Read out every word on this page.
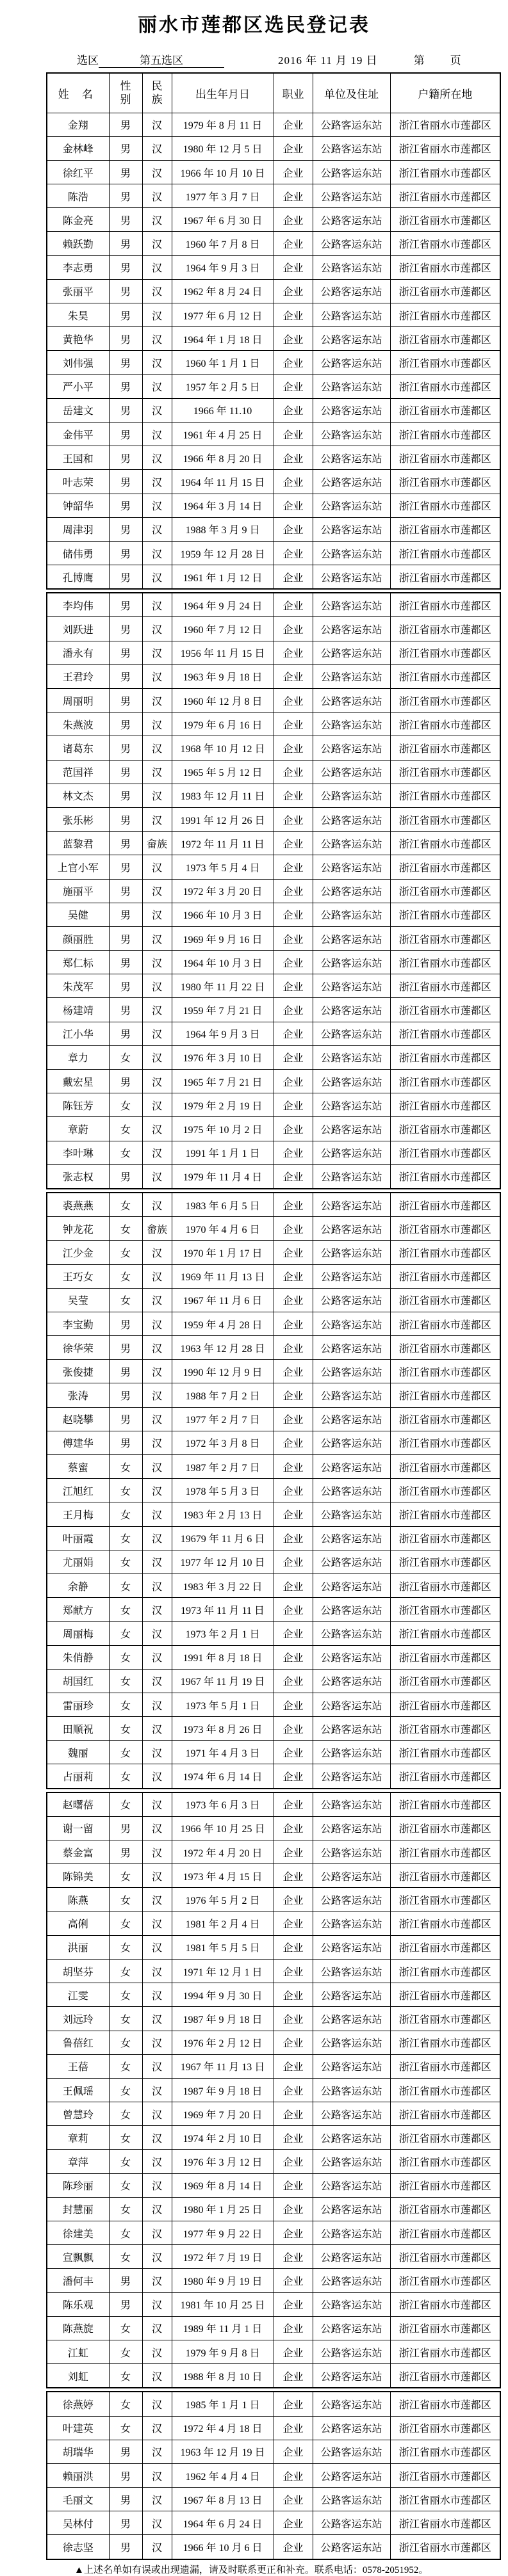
丽水市莲都区选民登记表
选区	第五选区	2016 年 11 月 19 日	第 页
姓 名	性别	民族	出生年月日	职业	单位及住址	户籍所在地
金翔	男	汉	1979 年 8 月 11 日	企业	公路客运东站	浙江省丽水市莲都区
金林峰	男	汉	1980 年 12 月 5 日	企业	公路客运东站	浙江省丽水市莲都区
徐红平	男	汉	1966 年 10 月 10 日	企业	公路客运东站	浙江省丽水市莲都区
陈浩	男	汉	1977 年 3 月 7 日	企业	公路客运东站	浙江省丽水市莲都区
陈金亮	男	汉	1967 年 6 月 30 日	企业	公路客运东站	浙江省丽水市莲都区
赖跃勤	男	汉	1960 年 7 月 8 日	企业	公路客运东站	浙江省丽水市莲都区
李志勇	男	汉	1964 年 9 月 3 日	企业	公路客运东站	浙江省丽水市莲都区
张丽平	男	汉	1962 年 8 月 24 日	企业	公路客运东站	浙江省丽水市莲都区
朱昊	男	汉	1977 年 6 月 12 日	企业	公路客运东站	浙江省丽水市莲都区
黄艳华	男	汉	1964 年 1 月 18 日	企业	公路客运东站	浙江省丽水市莲都区
刘伟强	男	汉	1960 年 1 月 1 日	企业	公路客运东站	浙江省丽水市莲都区
严小平	男	汉	1957 年 2 月 5 日	企业	公路客运东站	浙江省丽水市莲都区
岳建文	男	汉	1966 年 11.10	企业	公路客运东站	浙江省丽水市莲都区
金伟平	男	汉	1961 年 4 月 25 日	企业	公路客运东站	浙江省丽水市莲都区
王国和	男	汉	1966 年 8 月 20 日	企业	公路客运东站	浙江省丽水市莲都区
叶志荣	男	汉	1964 年 11 月 15 日	企业	公路客运东站	浙江省丽水市莲都区
钟韶华	男	汉	1964 年 3 月 14 日	企业	公路客运东站	浙江省丽水市莲都区
周津羽	男	汉	1988 年 3 月 9 日	企业	公路客运东站	浙江省丽水市莲都区
储伟勇	男	汉	1959 年 12 月 28 日	企业	公路客运东站	浙江省丽水市莲都区
孔博鹰	男	汉	1961 年 1 月 12 日	企业	公路客运东站	浙江省丽水市莲都区
李均伟	男	汉	1964 年 9 月 24 日	企业	公路客运东站	浙江省丽水市莲都区
刘跃进	男	汉	1960 年 7 月 12 日	企业	公路客运东站	浙江省丽水市莲都区
潘永有	男	汉	1956 年 11 月 15 日	企业	公路客运东站	浙江省丽水市莲都区
王君玲	男	汉	1963 年 9 月 18 日	企业	公路客运东站	浙江省丽水市莲都区
周丽明	男	汉	1960 年 12 月 8 日	企业	公路客运东站	浙江省丽水市莲都区
朱燕波	男	汉	1979 年 6 月 16 日	企业	公路客运东站	浙江省丽水市莲都区
诸葛东	男	汉	1968 年 10 月 12 日	企业	公路客运东站	浙江省丽水市莲都区
范国祥	男	汉	1965 年 5 月 12 日	企业	公路客运东站	浙江省丽水市莲都区
林文杰	男	汉	1983 年 12 月 11 日	企业	公路客运东站	浙江省丽水市莲都区
张乐彬	男	汉	1991 年 12 月 26 日	企业	公路客运东站	浙江省丽水市莲都区
蓝黎君	男	畲族	1972 年 11 月 11 日	企业	公路客运东站	浙江省丽水市莲都区
上官小军	男	汉	1973 年 5 月 4 日	企业	公路客运东站	浙江省丽水市莲都区
施丽平	男	汉	1972 年 3 月 20 日	企业	公路客运东站	浙江省丽水市莲都区
吴健	男	汉	1966 年 10 月 3 日	企业	公路客运东站	浙江省丽水市莲都区
颜丽胜	男	汉	1969 年 9 月 16 日	企业	公路客运东站	浙江省丽水市莲都区
郑仁标	男	汉	1964 年 10 月 3 日	企业	公路客运东站	浙江省丽水市莲都区
朱茂军	男	汉	1980 年 11 月 22 日	企业	公路客运东站	浙江省丽水市莲都区
杨建靖	男	汉	1959 年 7 月 21 日	企业	公路客运东站	浙江省丽水市莲都区
江小华	男	汉	1964 年 9 月 3 日	企业	公路客运东站	浙江省丽水市莲都区
章力	女	汉	1976 年 3 月 10 日	企业	公路客运东站	浙江省丽水市莲都区
戴宏星	男	汉	1965 年 7 月 21 日	企业	公路客运东站	浙江省丽水市莲都区
陈钰芳	女	汉	1979 年 2 月 19 日	企业	公路客运东站	浙江省丽水市莲都区
章蔚	女	汉	1975 年 10 月 2 日	企业	公路客运东站	浙江省丽水市莲都区
李叶琳	女	汉	1991 年 1 月 1 日	企业	公路客运东站	浙江省丽水市莲都区
张志权	男	汉	1979 年 11 月 4 日	企业	公路客运东站	浙江省丽水市莲都区
裘燕燕	女	汉	1983 年 6 月 5 日	企业	公路客运东站	浙江省丽水市莲都区
钟龙花	女	畲族	1970 年 4 月 6 日	企业	公路客运东站	浙江省丽水市莲都区
江少金	女	汉	1970 年 1 月 17 日	企业	公路客运东站	浙江省丽水市莲都区
王巧女	女	汉	1969 年 11 月 13 日	企业	公路客运东站	浙江省丽水市莲都区
吴莹	女	汉	1967 年 11 月 6 日	企业	公路客运东站	浙江省丽水市莲都区
李宝勤	男	汉	1959 年 4 月 28 日	企业	公路客运东站	浙江省丽水市莲都区
徐华荣	男	汉	1963 年 12 月 28 日	企业	公路客运东站	浙江省丽水市莲都区
张俊捷	男	汉	1990 年 12 月 9 日	企业	公路客运东站	浙江省丽水市莲都区
张涛	男	汉	1988 年 7 月 2 日	企业	公路客运东站	浙江省丽水市莲都区
赵晓攀	男	汉	1977 年 2 月 7 日	企业	公路客运东站	浙江省丽水市莲都区
傅建华	男	汉	1972 年 3 月 8 日	企业	公路客运东站	浙江省丽水市莲都区
蔡蜜	女	汉	1987 年 2 月 7 日	企业	公路客运东站	浙江省丽水市莲都区
江旭红	女	汉	1978 年 5 月 3 日	企业	公路客运东站	浙江省丽水市莲都区
王月梅	女	汉	1983 年 2 月 13 日	企业	公路客运东站	浙江省丽水市莲都区
叶丽霞	女	汉	19679 年 11 月 6 日	企业	公路客运东站	浙江省丽水市莲都区
尤丽娟	女	汉	1977 年 12 月 10 日	企业	公路客运东站	浙江省丽水市莲都区
余静	女	汉	1983 年 3 月 22 日	企业	公路客运东站	浙江省丽水市莲都区
郑献方	女	汉	1973 年 11 月 11 日	企业	公路客运东站	浙江省丽水市莲都区
周丽梅	女	汉	1973 年 2 月 1 日	企业	公路客运东站	浙江省丽水市莲都区
朱俏静	女	汉	1991 年 8 月 18 日	企业	公路客运东站	浙江省丽水市莲都区
胡国红	女	汉	1967 年 11 月 19 日	企业	公路客运东站	浙江省丽水市莲都区
雷丽珍	女	汉	1973 年 5 月 1 日	企业	公路客运东站	浙江省丽水市莲都区
田顺祝	女	汉	1973 年 8 月 26 日	企业	公路客运东站	浙江省丽水市莲都区
魏丽	女	汉	1971 年 4 月 3 日	企业	公路客运东站	浙江省丽水市莲都区
占丽莉	女	汉	1974 年 6 月 14 日	企业	公路客运东站	浙江省丽水市莲都区
赵曙蓓	女	汉	1973 年 6 月 3 日	企业	公路客运东站	浙江省丽水市莲都区
谢一留	男	汉	1966 年 10 月 25 日	企业	公路客运东站	浙江省丽水市莲都区
蔡金富	男	汉	1972 年 4 月 20 日	企业	公路客运东站	浙江省丽水市莲都区
陈锦美	女	汉	1973 年 4 月 15 日	企业	公路客运东站	浙江省丽水市莲都区
陈燕	女	汉	1976 年 5 月 2 日	企业	公路客运东站	浙江省丽水市莲都区
高俐	女	汉	1981 年 2 月 4 日	企业	公路客运东站	浙江省丽水市莲都区
洪丽	女	汉	1981 年 5 月 5 日	企业	公路客运东站	浙江省丽水市莲都区
胡坚芬	女	汉	1971 年 12 月 1 日	企业	公路客运东站	浙江省丽水市莲都区
江雯	女	汉	1994 年 9 月 30 日	企业	公路客运东站	浙江省丽水市莲都区
刘远玲	女	汉	1987 年 9 月 18 日	企业	公路客运东站	浙江省丽水市莲都区
鲁蓓红	女	汉	1976 年 2 月 12 日	企业	公路客运东站	浙江省丽水市莲都区
王蓓	女	汉	1967 年 11 月 13 日	企业	公路客运东站	浙江省丽水市莲都区
王佩瑶	女	汉	1987 年 9 月 18 日	企业	公路客运东站	浙江省丽水市莲都区
曾慧玲	女	汉	1969 年 7 月 20 日	企业	公路客运东站	浙江省丽水市莲都区
章莉	女	汉	1974 年 2 月 10 日	企业	公路客运东站	浙江省丽水市莲都区
章萍	女	汉	1976 年 3 月 12 日	企业	公路客运东站	浙江省丽水市莲都区
陈珍丽	女	汉	1969 年 8 月 14 日	企业	公路客运东站	浙江省丽水市莲都区
封慧丽	女	汉	1980 年 1 月 25 日	企业	公路客运东站	浙江省丽水市莲都区
徐建美	女	汉	1977 年 9 月 22 日	企业	公路客运东站	浙江省丽水市莲都区
宣飘飘	女	汉	1972 年 7 月 19 日	企业	公路客运东站	浙江省丽水市莲都区
潘何丰	男	汉	1980 年 9 月 19 日	企业	公路客运东站	浙江省丽水市莲都区
陈乐观	男	汉	1981 年 10 月 25 日	企业	公路客运东站	浙江省丽水市莲都区
陈燕旋	女	汉	1989 年 11 月 1 日	企业	公路客运东站	浙江省丽水市莲都区
江虹	女	汉	1979 年 9 月 8 日	企业	公路客运东站	浙江省丽水市莲都区
刘虹	女	汉	1988 年 8 月 10 日	企业	公路客运东站	浙江省丽水市莲都区
徐燕婷	女	汉	1985 年 1 月 1 日	企业	公路客运东站	浙江省丽水市莲都区
叶建英	女	汉	1972 年 4 月 18 日	企业	公路客运东站	浙江省丽水市莲都区
胡瑞华	男	汉	1963 年 12 月 19 日	企业	公路客运东站	浙江省丽水市莲都区
赖丽洪	男	汉	1962 年 4 月 4 日	企业	公路客运东站	浙江省丽水市莲都区
毛丽文	男	汉	1967 年 8 月 13 日	企业	公路客运东站	浙江省丽水市莲都区
吴林付	男	汉	1964 年 6 月 24 日	企业	公路客运东站	浙江省丽水市莲都区
徐志坚	男	汉	1966 年 10 月 6 日	企业	公路客运东站	浙江省丽水市莲都区
▲上述名单如有误或出现遗漏，请及时联系更正和补充。联系电话：0578-2051952。
